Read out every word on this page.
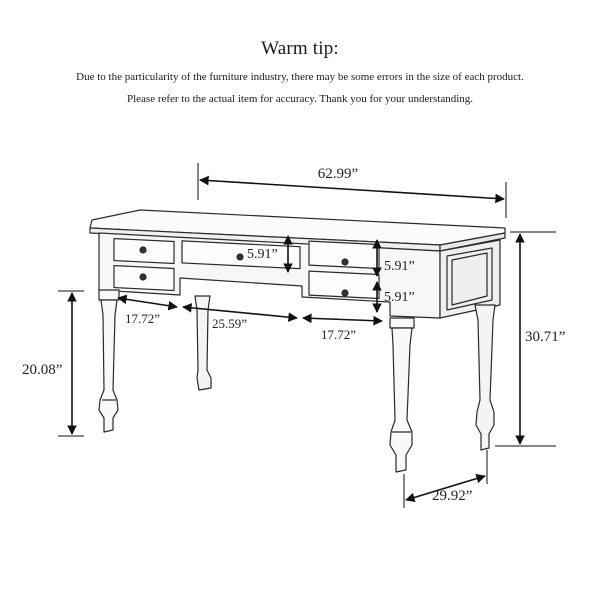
Warm tip:
Due to the particularity of the furniture industry, there may be some errors in the size of each product.
Please refer to the actual item for accuracy. Thank you for your understanding.
62.99”
30.71”
20.08”
29.92”
5.91”
5.91”
5.91”
17.72”	25.59”
17.72”
